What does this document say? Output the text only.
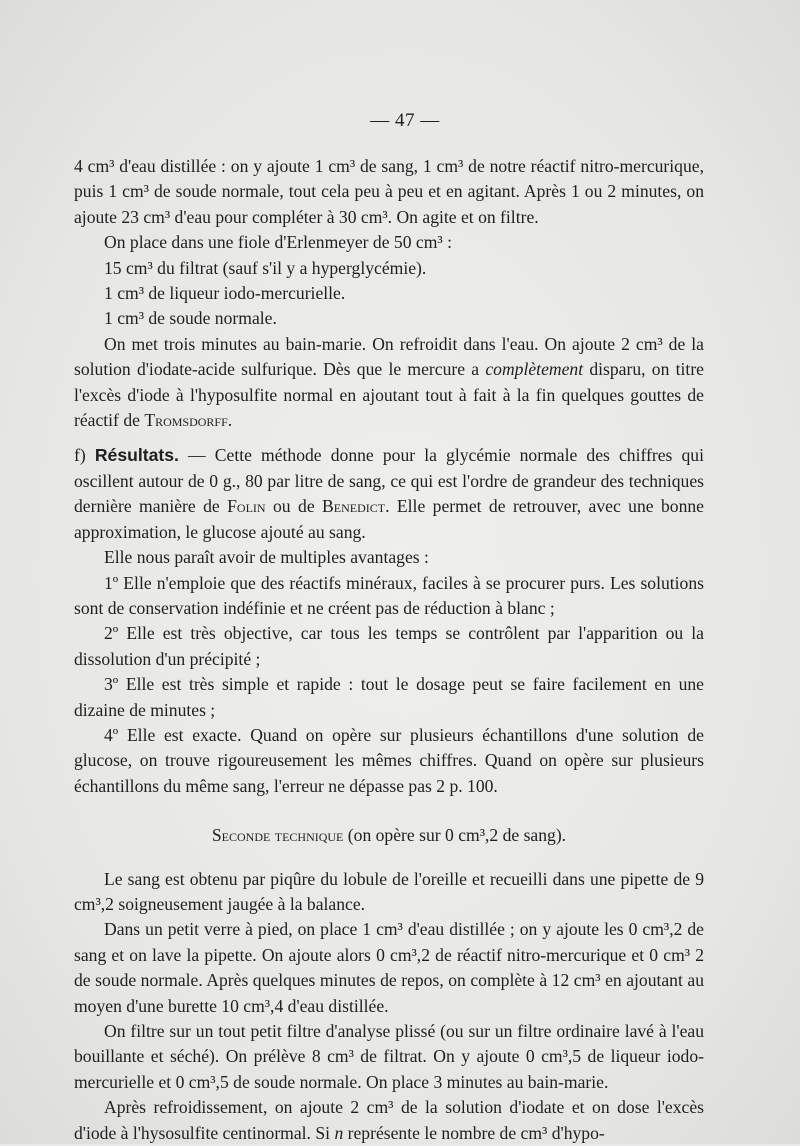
— 47 —

4 cm³ d'eau distillée : on y ajoute 1 cm³ de sang, 1 cm³ de notre réactif nitro-mercurique, puis 1 cm³ de soude normale, tout cela peu à peu et en agitant. Après 1 ou 2 minutes, on ajoute 23 cm³ d'eau pour compléter à 30 cm³. On agite et on filtre.

On place dans une fiole d'Erlenmeyer de 50 cm³ :

15 cm³ du filtrat (sauf s'il y a hyperglycémie).

1 cm³ de liqueur iodo-mercurielle.

1 cm³ de soude normale.

On met trois minutes au bain-marie. On refroidit dans l'eau. On ajoute 2 cm³ de la solution d'iodate-acide sulfurique. Dès que le mercure a complètement disparu, on titre l'excès d'iode à l'hyposulfite normal en ajoutant tout à fait à la fin quelques gouttes de réactif de Tromsdorff.

f) Résultats. — Cette méthode donne pour la glycémie normale des chiffres qui oscillent autour de 0 g., 80 par litre de sang, ce qui est l'ordre de grandeur des techniques dernière manière de Folin ou de Benedict. Elle permet de retrouver, avec une bonne approximation, le glucose ajouté au sang.

Elle nous paraît avoir de multiples avantages :

1º Elle n'emploie que des réactifs minéraux, faciles à se procurer purs. Les solutions sont de conservation indéfinie et ne créent pas de réduction à blanc ;

2º Elle est très objective, car tous les temps se contrôlent par l'apparition ou la dissolution d'un précipité ;

3º Elle est très simple et rapide : tout le dosage peut se faire facilement en une dizaine de minutes ;

4º Elle est exacte. Quand on opère sur plusieurs échantillons d'une solution de glucose, on trouve rigoureusement les mêmes chiffres. Quand on opère sur plusieurs échantillons du même sang, l'erreur ne dépasse pas 2 p. 100.

Seconde technique (on opère sur 0 cm³,2 de sang).

Le sang est obtenu par piqûre du lobule de l'oreille et recueilli dans une pipette de 9 cm³,2 soigneusement jaugée à la balance.

Dans un petit verre à pied, on place 1 cm³ d'eau distillée ; on y ajoute les 0 cm³,2 de sang et on lave la pipette. On ajoute alors 0 cm³,2 de réactif nitro-mercurique et 0 cm³ 2 de soude normale. Après quelques minutes de repos, on complète à 12 cm³ en ajoutant au moyen d'une burette 10 cm³,4 d'eau distillée.

On filtre sur un tout petit filtre d'analyse plissé (ou sur un filtre ordinaire lavé à l'eau bouillante et séché). On prélève 8 cm³ de filtrat. On y ajoute 0 cm³,5 de liqueur iodo-mercurielle et 0 cm³,5 de soude normale. On place 3 minutes au bain-marie.

Après refroidissement, on ajoute 2 cm³ de la solution d'iodate et on dose l'excès d'iode à l'hysosulfite centinormal. Si n représente le nombre de cm³ d'hypo-
